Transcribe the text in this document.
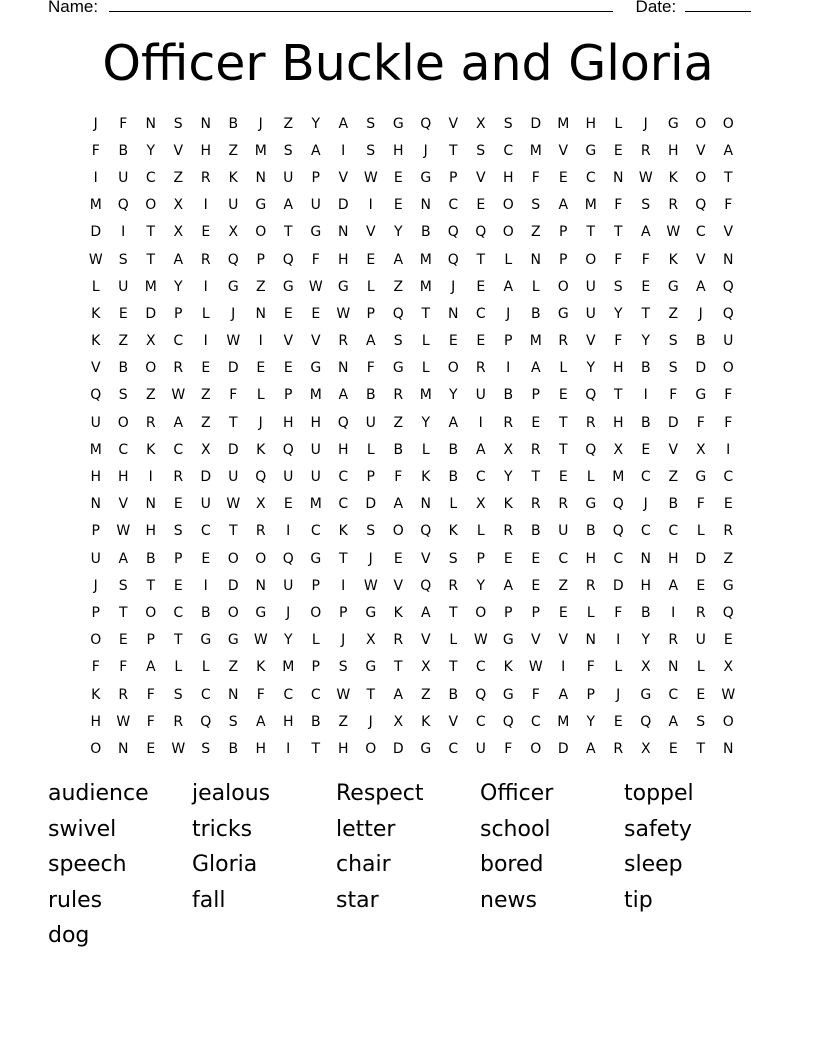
Name:	Date:
Officer Buckle and Gloria
J	F	N	S	N	B	J	Z	Y	A	S	G	Q	V	X	S	D	M	H	L	J	G	O	O
F	B	Y	V	H	Z	M	S	A	I	S	H	J	T	S	C	M	V	G	E	R	H	V	A
I	U	C	Z	R	K	N	U	P	V	W	E	G	P	V	H	F	E	C	N	W	K	O	T
M	Q	O	X	I	U	G	A	U	D	I	E	N	C	E	O	S	A	M	F	S	R	Q	F
D	I	T	X	E	X	O	T	G	N	V	Y	B	Q	Q	O	Z	P	T	T	A	W	C	V
W	S	T	A	R	Q	P	Q	F	H	E	A	M	Q	T	L	N	P	O	F	F	K	V	N
L	U	M	Y	I	G	Z	G	W	G	L	Z	M	J	E	A	L	O	U	S	E	G	A	Q
K	E	D	P	L	J	N	E	E	W	P	Q	T	N	C	J	B	G	U	Y	T	Z	J	Q
K	Z	X	C	I	W	I	V	V	R	A	S	L	E	E	P	M	R	V	F	Y	S	B	U
V	B	O	R	E	D	E	E	G	N	F	G	L	O	R	I	A	L	Y	H	B	S	D	O
Q	S	Z	W	Z	F	L	P	M	A	B	R	M	Y	U	B	P	E	Q	T	I	F	G	F
U	O	R	A	Z	T	J	H	H	Q	U	Z	Y	A	I	R	E	T	R	H	B	D	F	F
M	C	K	C	X	D	K	Q	U	H	L	B	L	B	A	X	R	T	Q	X	E	V	X	I
H	H	I	R	D	U	Q	U	U	C	P	F	K	B	C	Y	T	E	L	M	C	Z	G	C
N	V	N	E	U	W	X	E	M	C	D	A	N	L	X	K	R	R	G	Q	J	B	F	E
P	W	H	S	C	T	R	I	C	K	S	O	Q	K	L	R	B	U	B	Q	C	C	L	R
U	A	B	P	E	O	O	Q	G	T	J	E	V	S	P	E	E	C	H	C	N	H	D	Z
J	S	T	E	I	D	N	U	P	I	W	V	Q	R	Y	A	E	Z	R	D	H	A	E	G
P	T	O	C	B	O	G	J	O	P	G	K	A	T	O	P	P	E	L	F	B	I	R	Q
O	E	P	T	G	G	W	Y	L	J	X	R	V	L	W	G	V	V	N	I	Y	R	U	E
F	F	A	L	L	Z	K	M	P	S	G	T	X	T	C	K	W	I	F	L	X	N	L	X
K	R	F	S	C	N	F	C	C	W	T	A	Z	B	Q	G	F	A	P	J	G	C	E	W
H	W	F	R	Q	S	A	H	B	Z	J	X	K	V	C	Q	C	M	Y	E	Q	A	S	O
O	N	E	W	S	B	H	I	T	H	O	D	G	C	U	F	O	D	A	R	X	E	T	N
audience	jealous	Respect	Officer	toppel
swivel	tricks	letter	school	safety
speech	Gloria	chair	bored	sleep
rules	fall	star	news	tip
dog
